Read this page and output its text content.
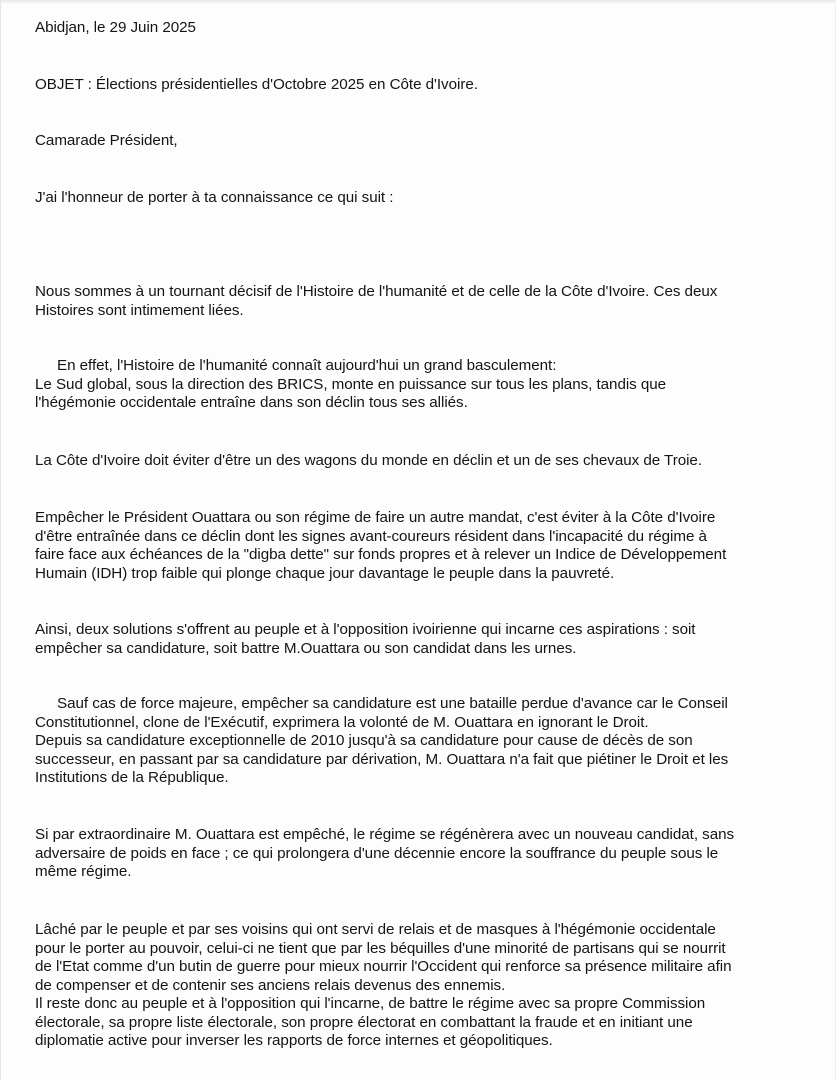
Abidjan, le 29 Juin 2025

OBJET : Élections présidentielles d'Octobre 2025 en Côte d'Ivoire.

Camarade Président,

J'ai l'honneur de porter à ta connaissance ce qui suit :

Nous sommes à un tournant décisif de l'Histoire de l'humanité et de celle de la Côte d'Ivoire. Ces deux
Histoires sont intimement liées.

En effet, l'Histoire de l'humanité connaît aujourd'hui un grand basculement:
Le Sud global, sous la direction des BRICS, monte en puissance sur tous les plans, tandis que
l'hégémonie occidentale entraîne dans son déclin tous ses alliés.

La Côte d'Ivoire doit éviter d'être un des wagons du monde en déclin et un de ses chevaux de Troie.

Empêcher le Président Ouattara ou son régime de faire un autre mandat, c'est éviter à la Côte d'Ivoire
d'être entraînée dans ce déclin dont les signes avant-coureurs résident dans l'incapacité du régime à
faire face aux échéances de la "digba dette" sur fonds propres et à relever un Indice de Développement
Humain (IDH) trop faible qui plonge chaque jour davantage le peuple dans la pauvreté.

Ainsi, deux solutions s'offrent au peuple et à l'opposition ivoirienne qui incarne ces aspirations : soit
empêcher sa candidature, soit battre M.Ouattara ou son candidat dans les urnes.

Sauf cas de force majeure, empêcher sa candidature est une bataille perdue d'avance car le Conseil
Constitutionnel, clone de l'Exécutif, exprimera la volonté de M. Ouattara en ignorant le Droit.
Depuis sa candidature exceptionnelle de 2010 jusqu'à sa candidature pour cause de décès de son
successeur, en passant par sa candidature par dérivation, M. Ouattara n'a fait que piétiner le Droit et les
Institutions de la République.

Si par extraordinaire M. Ouattara est empêché, le régime se régénèrera avec un nouveau candidat, sans
adversaire de poids en face ; ce qui prolongera d'une décennie encore la souffrance du peuple sous le
même régime.

Lâché par le peuple et par ses voisins qui ont servi de relais et de masques à l'hégémonie occidentale
pour le porter au pouvoir, celui-ci ne tient que par les béquilles d'une minorité de partisans qui se nourrit
de l'Etat comme d'un butin de guerre pour mieux nourrir l'Occident qui renforce sa présence militaire afin
de compenser et de contenir ses anciens relais devenus des ennemis.
Il reste donc au peuple et à l'opposition qui l'incarne, de battre le régime avec sa propre Commission
électorale, sa propre liste électorale, son propre électorat en combattant la fraude et en initiant une
diplomatie active pour inverser les rapports de force internes et géopolitiques.
